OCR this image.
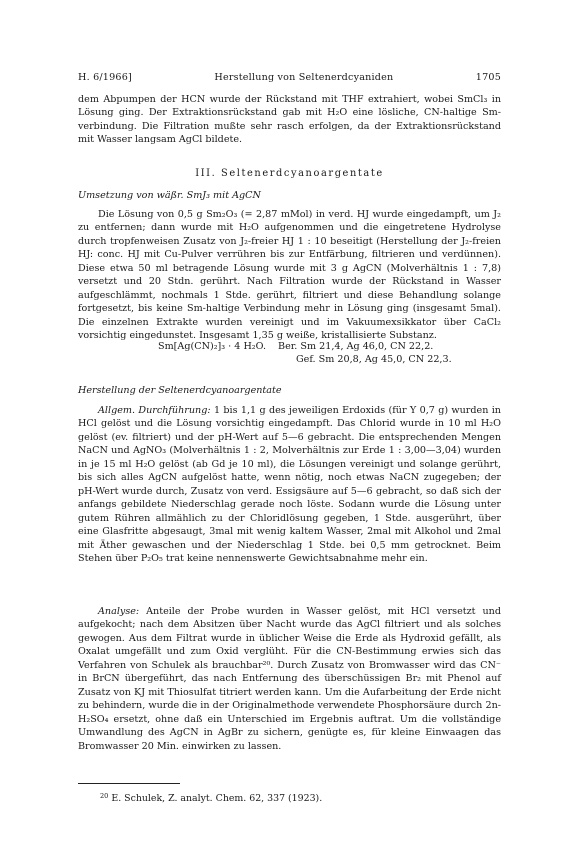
H. 6/1966]	Herstellung von Seltenerdcyaniden	1705

dem Abpumpen der HCN wurde der Rückstand mit THF extrahiert, wobei SmCl₃ in Lösung ging. Der Extraktionsrückstand gab mit H₂O eine lösliche, CN-haltige Sm-verbindung. Die Filtration mußte sehr rasch erfolgen, da der Extraktionsrückstand mit Wasser langsam AgCl bildete.

III. Seltenerdcyanoargentate
Umsetzung von wäßr. SmJ₃ mit AgCN

Die Lösung von 0,5 g Sm₂O₃ (= 2,87 mMol) in verd. HJ wurde eingedampft, um J₂ zu entfernen; dann wurde mit H₂O aufgenommen und die eingetretene Hydrolyse durch tropfenweisen Zusatz von J₂-freier HJ 1 : 10 beseitigt (Herstellung der J₂-freien HJ: conc. HJ mit Cu-Pulver verrühren bis zur Entfärbung, filtrieren und verdünnen). Diese etwa 50 ml betragende Lösung wurde mit 3 g AgCN (Molverhältnis 1 : 7,8) versetzt und 20 Stdn. gerührt. Nach Filtration wurde der Rückstand in Wasser aufgeschlämmt, nochmals 1 Stde. gerührt, filtriert und diese Behandlung solange fortgesetzt, bis keine Sm-haltige Verbindung mehr in Lösung ging (insgesamt 5mal). Die einzelnen Extrakte wurden vereinigt und im Vakuumexsikkator über CaCl₂ vorsichtig eingedunstet. Insgesamt 1,35 g weiße, kristallisierte Substanz.

Sm[Ag(CN)₂]₃ · 4 H₂O. Ber. Sm 21,4, Ag 46,0, CN 22,2.
Gef. Sm 20,8, Ag 45,0, CN 22,3.
Herstellung der Seltenerdcyanoargentate

Allgem. Durchführung: 1 bis 1,1 g des jeweiligen Erdoxids (für Y 0,7 g) wurden in HCl gelöst und die Lösung vorsichtig eingedampft. Das Chlorid wurde in 10 ml H₂O gelöst (ev. filtriert) und der pH-Wert auf 5—6 gebracht. Die entsprechenden Mengen NaCN und AgNO₃ (Molverhältnis 1 : 2, Molverhältnis zur Erde 1 : 3,00—3,04) wurden in je 15 ml H₂O gelöst (ab Gd je 10 ml), die Lösungen vereinigt und solange gerührt, bis sich alles AgCN aufgelöst hatte, wenn nötig, noch etwas NaCN zugegeben; der pH-Wert wurde durch, Zusatz von verd. Essigsäure auf 5—6 gebracht, so daß sich der anfangs gebildete Niederschlag gerade noch löste. Sodann wurde die Lösung unter gutem Rühren allmählich zu der Chloridlösung gegeben, 1 Stde. ausgerührt, über eine Glasfritte abgesaugt, 3mal mit wenig kaltem Wasser, 2mal mit Alkohol und 2mal mit Äther gewaschen und der Niederschlag 1 Stde. bei 0,5 mm getrocknet. Beim Stehen über P₂O₅ trat keine nennenswerte Gewichtsabnahme mehr ein.

Analyse: Anteile der Probe wurden in Wasser gelöst, mit HCl versetzt und aufgekocht; nach dem Absitzen über Nacht wurde das AgCl filtriert und als solches gewogen. Aus dem Filtrat wurde in üblicher Weise die Erde als Hydroxid gefällt, als Oxalat umgefällt und zum Oxid verglüht. Für die CN-Bestimmung erwies sich das Verfahren von Schulek als brauchbar²⁰. Durch Zusatz von Bromwasser wird das CN⁻ in BrCN übergeführt, das nach Entfernung des überschüssigen Br₂ mit Phenol auf Zusatz von KJ mit Thiosulfat titriert werden kann. Um die Aufarbeitung der Erde nicht zu behindern, wurde die in der Originalmethode verwendete Phosphorsäure durch 2n-H₂SO₄ ersetzt, ohne daß ein Unterschied im Ergebnis auftrat. Um die vollständige Umwandlung des AgCN in AgBr zu sichern, genügte es, für kleine Einwaagen das Bromwasser 20 Min. einwirken zu lassen.

$^{20}$ E. Schulek, Z. analyt. Chem. 62, 337 (1923).
